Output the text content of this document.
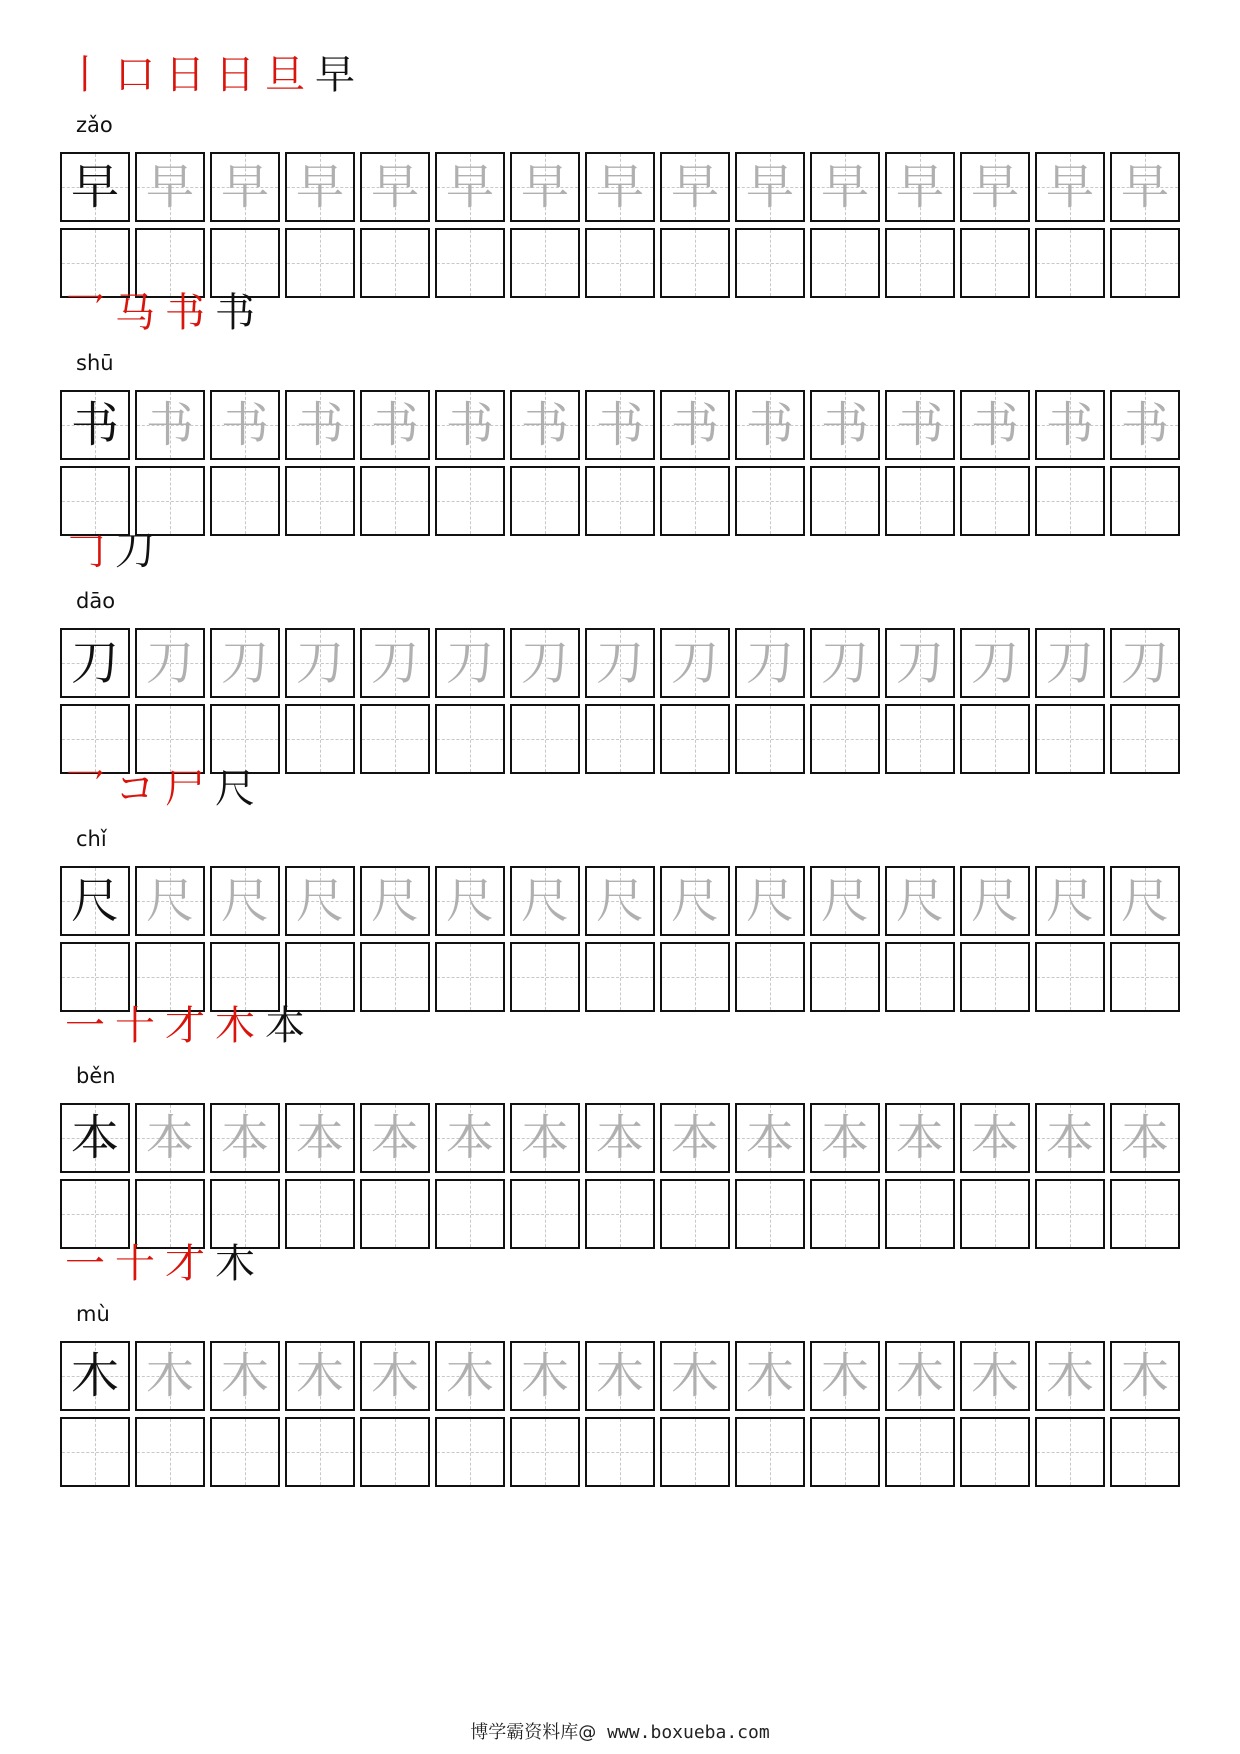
丨 口 日 日 旦 早
zǎo
早 早 早 早 早 早 早 早 早 早 早 早 早 早 早
乛 马 书 书
shū
书 书 书 书 书 书 书 书 书 书 书 书 书 书 书
𠃌 刀
dāo
刀 刀 刀 刀 刀 刀 刀 刀 刀 刀 刀 刀 刀 刀 刀
乛 コ 尸 尺
chǐ
尺 尺 尺 尺 尺 尺 尺 尺 尺 尺 尺 尺 尺 尺 尺
一 十 才 木 本
běn
本 本 本 本 本 本 本 本 本 本 本 本 本 本 本
一 十 才 木
mù
木 木 木 木 木 木 木 木 木 木 木 木 木 木 木
博学霸资料库@ www.boxueba.com
